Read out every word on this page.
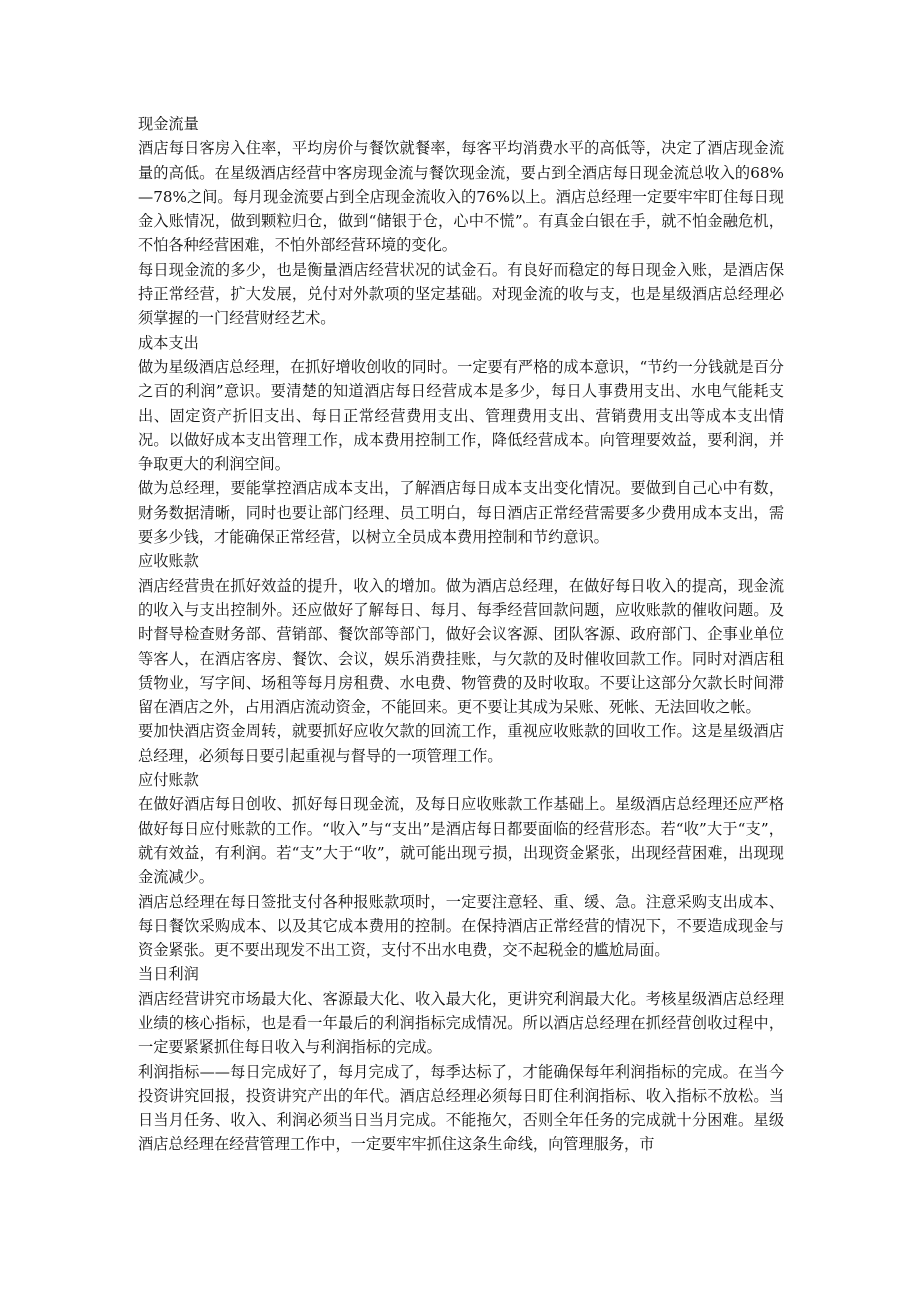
现金流量

酒店每日客房入住率，平均房价与餐饮就餐率，每客平均消费水平的高低等，决定了酒店现金流量的高低。在星级酒店经营中客房现金流与餐饮现金流，要占到全酒店每日现金流总收入的68%—78%之间。每月现金流要占到全店现金流收入的76%以上。酒店总经理一定要牢牢盯住每日现金入账情况，做到颗粒归仓，做到“储银于仓，心中不慌”。有真金白银在手，就不怕金融危机，不怕各种经营困难，不怕外部经营环境的变化。

每日现金流的多少，也是衡量酒店经营状况的试金石。有良好而稳定的每日现金入账，是酒店保持正常经营，扩大发展，兑付对外款项的坚定基础。对现金流的收与支，也是星级酒店总经理必须掌握的一门经营财经艺术。

成本支出

做为星级酒店总经理，在抓好增收创收的同时。一定要有严格的成本意识，“节约一分钱就是百分之百的利润”意识。要清楚的知道酒店每日经营成本是多少，每日人事费用支出、水电气能耗支出、固定资产折旧支出、每日正常经营费用支出、管理费用支出、营销费用支出等成本支出情况。以做好成本支出管理工作，成本费用控制工作，降低经营成本。向管理要效益，要利润，并争取更大的利润空间。

做为总经理，要能掌控酒店成本支出，了解酒店每日成本支出变化情况。要做到自己心中有数，财务数据清晰，同时也要让部门经理、员工明白，每日酒店正常经营需要多少费用成本支出，需要多少钱，才能确保正常经营，以树立全员成本费用控制和节约意识。

应收账款

酒店经营贵在抓好效益的提升，收入的增加。做为酒店总经理，在做好每日收入的提高，现金流的收入与支出控制外。还应做好了解每日、每月、每季经营回款问题，应收账款的催收问题。及时督导检查财务部、营销部、餐饮部等部门，做好会议客源、团队客源、政府部门、企事业单位等客人，在酒店客房、餐饮、会议，娱乐消费挂账，与欠款的及时催收回款工作。同时对酒店租赁物业，写字间、场租等每月房租费、水电费、物管费的及时收取。不要让这部分欠款长时间滞留在酒店之外，占用酒店流动资金，不能回来。更不要让其成为呆账、死帐、无法回收之帐。

要加快酒店资金周转，就要抓好应收欠款的回流工作，重视应收账款的回收工作。这是星级酒店总经理，必须每日要引起重视与督导的一项管理工作。

应付账款

在做好酒店每日创收、抓好每日现金流，及每日应收账款工作基础上。星级酒店总经理还应严格做好每日应付账款的工作。“收入”与“支出”是酒店每日都要面临的经营形态。若“收”大于“支”，就有效益，有利润。若“支”大于“收”，就可能出现亏损，出现资金紧张，出现经营困难，出现现金流减少。

酒店总经理在每日签批支付各种报账款项时，一定要注意轻、重、缓、急。注意采购支出成本、每日餐饮采购成本、以及其它成本费用的控制。在保持酒店正常经营的情况下，不要造成现金与资金紧张。更不要出现发不出工资，支付不出水电费，交不起税金的尴尬局面。

当日利润

酒店经营讲究市场最大化、客源最大化、收入最大化，更讲究利润最大化。考核星级酒店总经理业绩的核心指标，也是看一年最后的利润指标完成情况。所以酒店总经理在抓经营创收过程中，一定要紧紧抓住每日收入与利润指标的完成。

利润指标——每日完成好了，每月完成了，每季达标了，才能确保每年利润指标的完成。在当今投资讲究回报，投资讲究产出的年代。酒店总经理必须每日盯住利润指标、收入指标不放松。当日当月任务、收入、利润必须当日当月完成。不能拖欠，否则全年任务的完成就十分困难。星级酒店总经理在经营管理工作中，一定要牢牢抓住这条生命线，向管理服务，市
